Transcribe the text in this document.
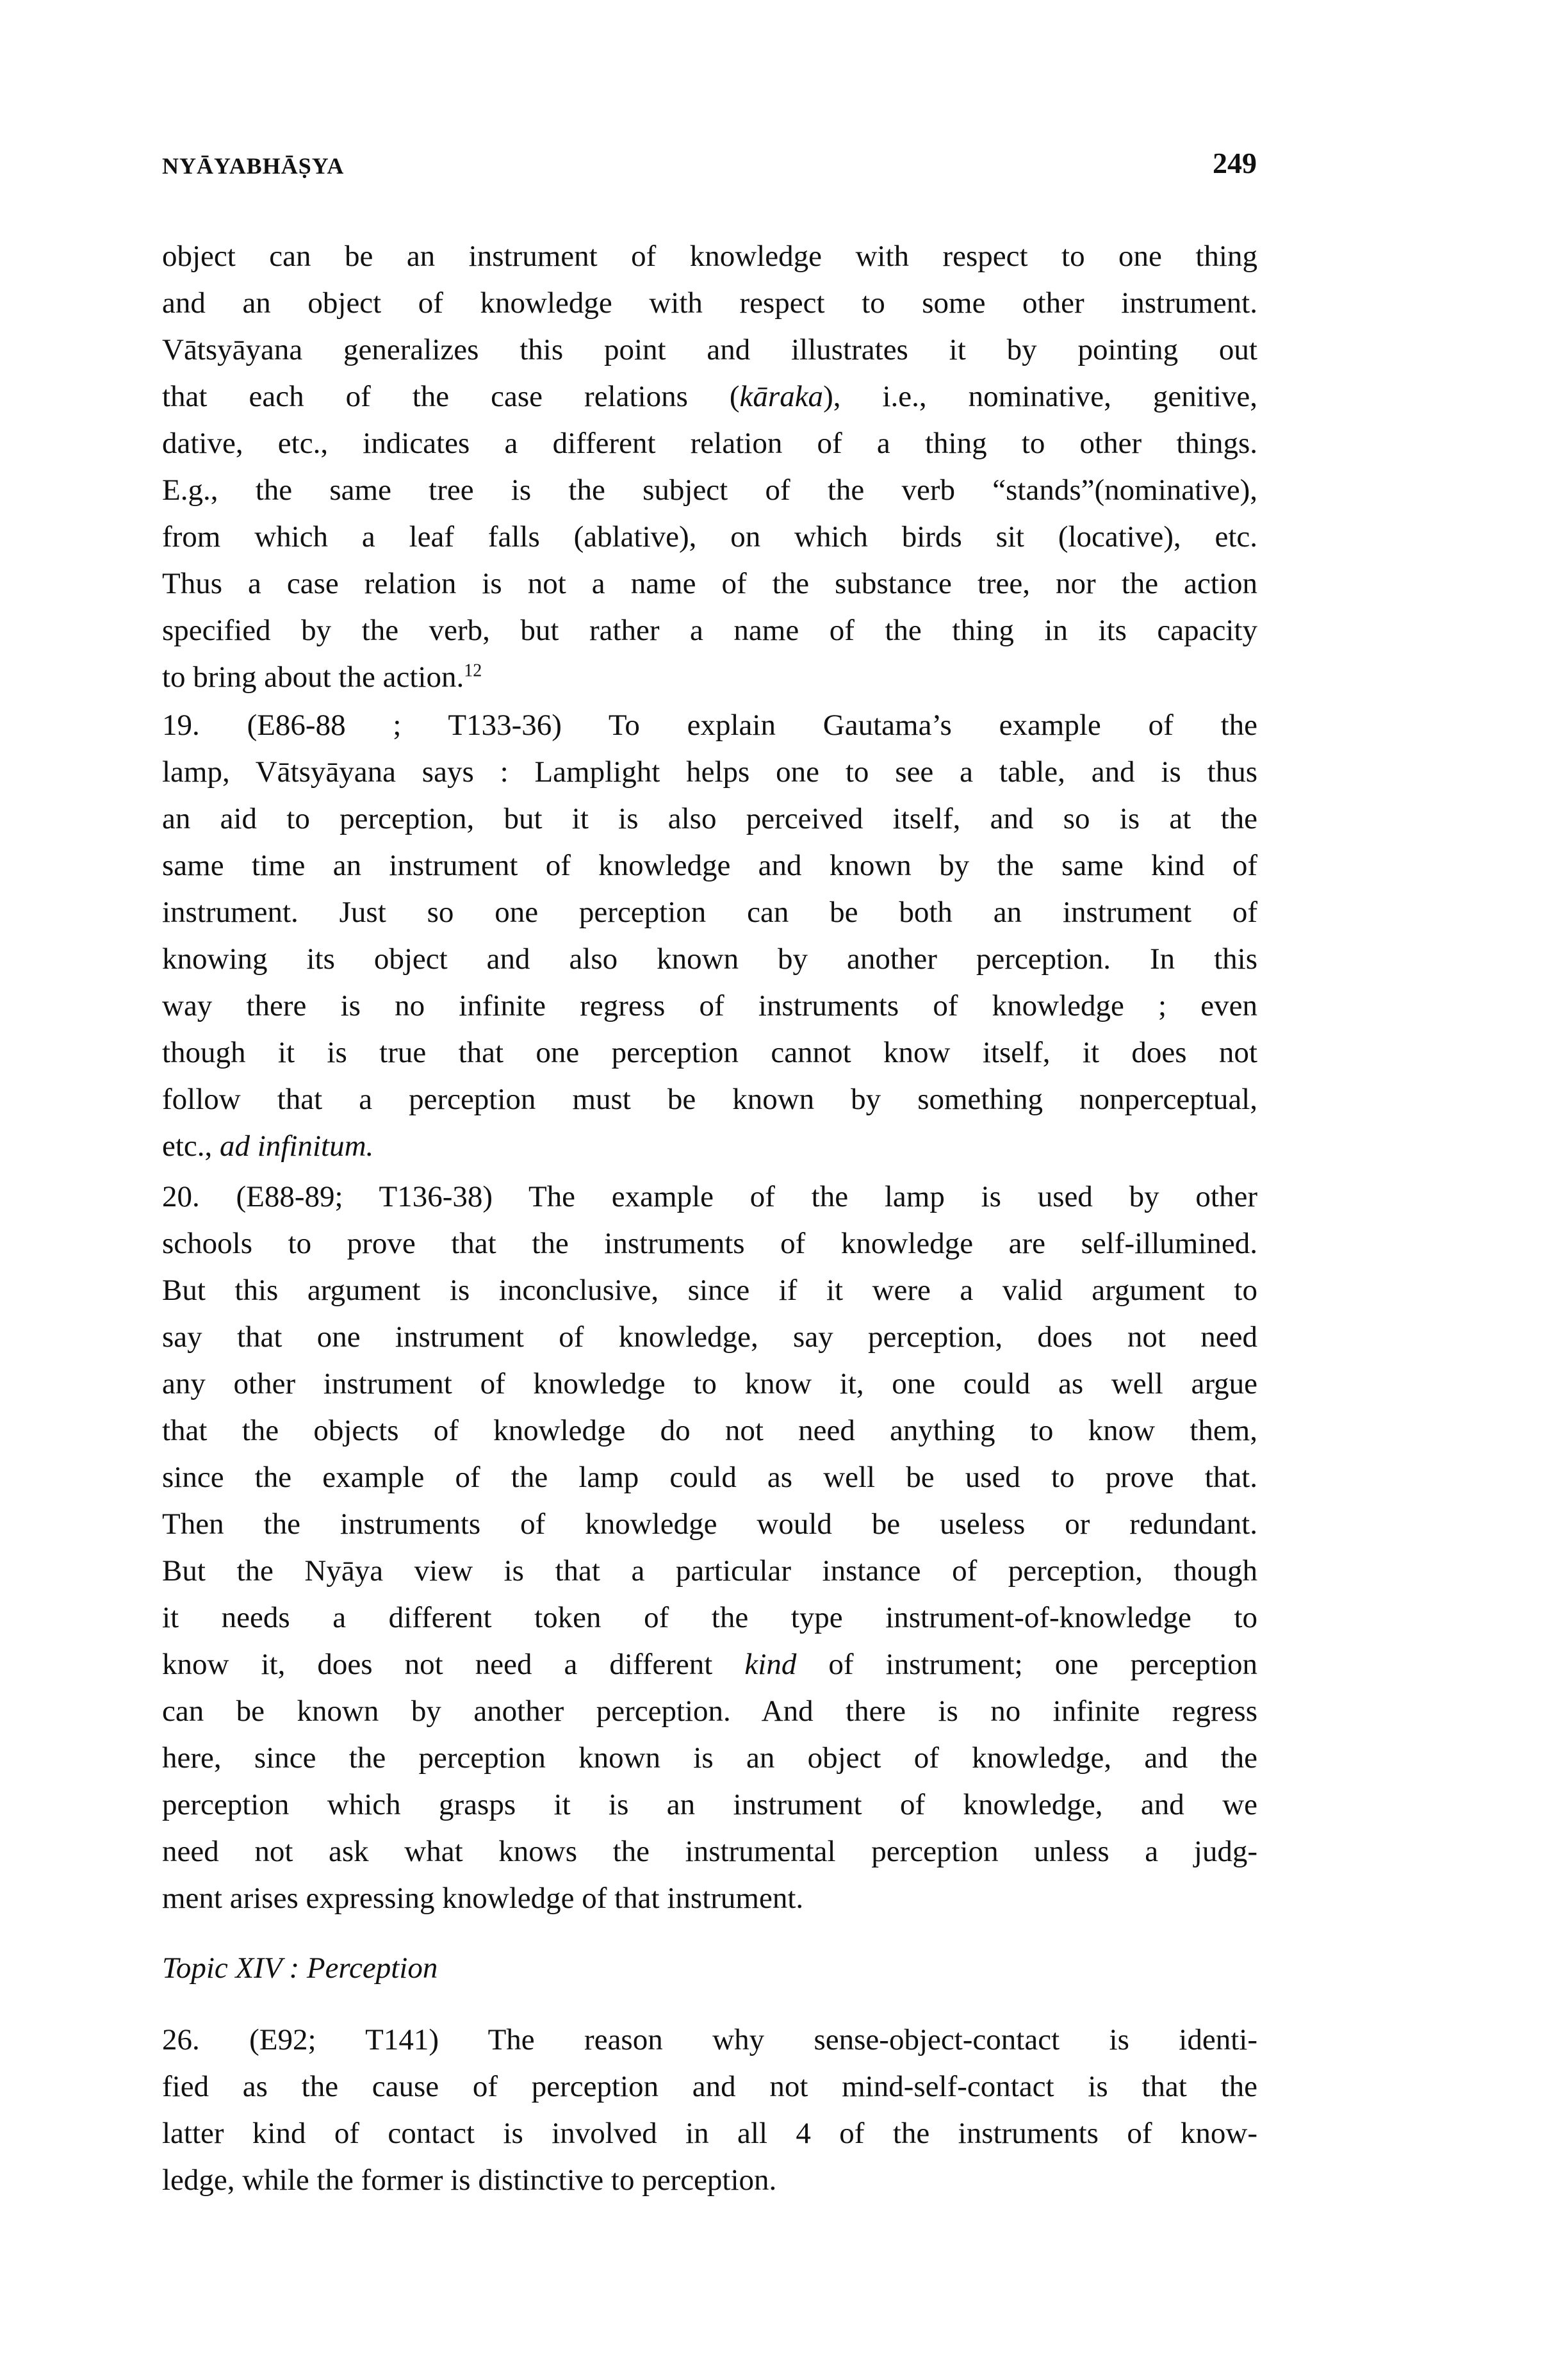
NYĀYABHĀṢYA	249
object can be an instrument of knowledge with respect to one thing
and an object of knowledge with respect to some other instrument.
Vātsyāyana generalizes this point and illustrates it by pointing out
that each of the case relations (kāraka), i.e., nominative, genitive,
dative, etc., indicates a different relation of a thing to other things.
E.g., the same tree is the subject of the verb “stands”(nominative),
from which a leaf falls (ablative), on which birds sit (locative), etc.
Thus a case relation is not a name of the substance tree, nor the action
specified by the verb, but rather a name of the thing in its capacity
to bring about the action.$^{12}$
19. (E86-88 ; T133-36) To explain Gautama’s example of the
lamp, Vātsyāyana says : Lamplight helps one to see a table, and is thus
an aid to perception, but it is also perceived itself, and so is at the
same time an instrument of knowledge and known by the same kind of
instrument. Just so one perception can be both an instrument of
knowing its object and also known by another perception. In this
way there is no infinite regress of instruments of knowledge ; even
though it is true that one perception cannot know itself, it does not
follow that a perception must be known by something nonperceptual,
etc., ad infinitum.
20. (E88-89; T136-38) The example of the lamp is used by other
schools to prove that the instruments of knowledge are self-illumined.
But this argument is inconclusive, since if it were a valid argument to
say that one instrument of knowledge, say perception, does not need
any other instrument of knowledge to know it, one could as well argue
that the objects of knowledge do not need anything to know them,
since the example of the lamp could as well be used to prove that.
Then the instruments of knowledge would be useless or redundant.
But the Nyāya view is that a particular instance of perception, though
it needs a different token of the type instrument-of-knowledge to
know it, does not need a different kind of instrument; one perception
can be known by another perception. And there is no infinite regress
here, since the perception known is an object of knowledge, and the
perception which grasps it is an instrument of knowledge, and we
need not ask what knows the instrumental perception unless a judg-
ment arises expressing knowledge of that instrument.
Topic XIV : Perception
26. (E92; T141) The reason why sense-object-contact is identi-
fied as the cause of perception and not mind-self-contact is that the
latter kind of contact is involved in all 4 of the instruments of know-
ledge, while the former is distinctive to perception.
